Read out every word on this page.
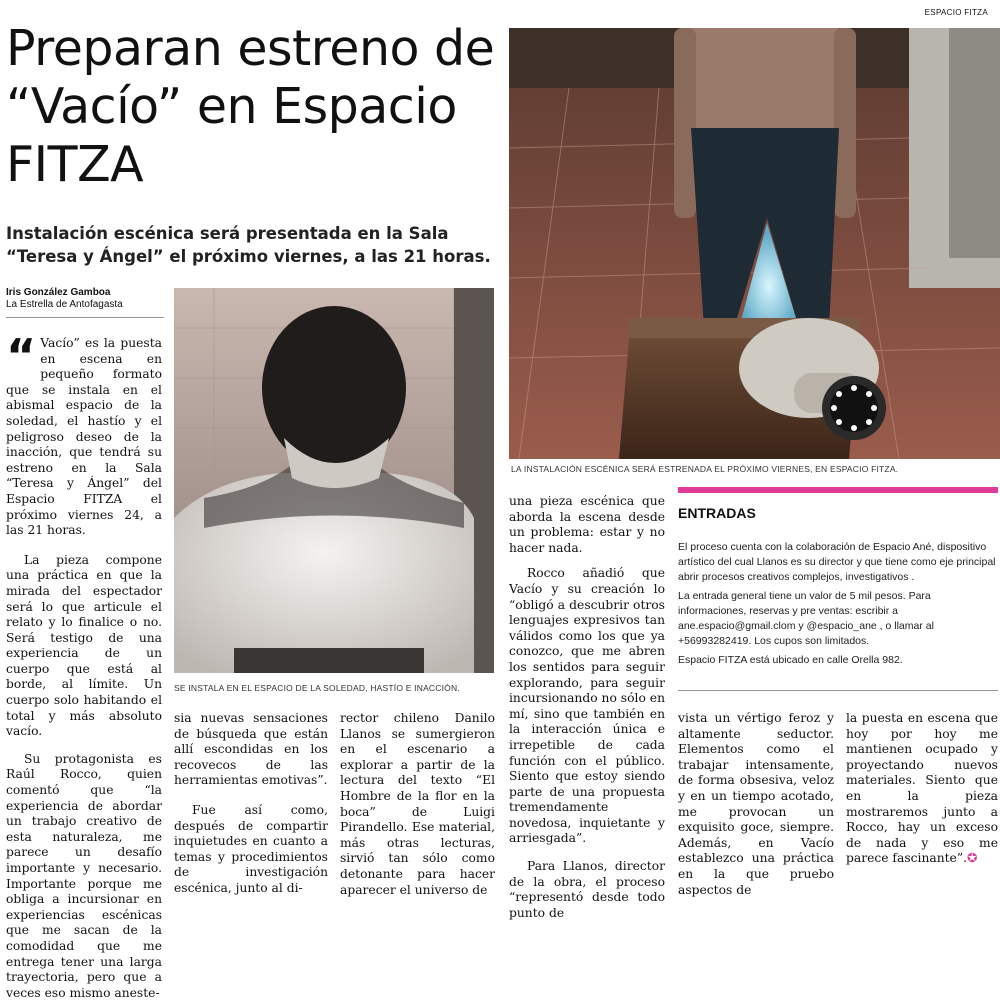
ESPACIO FITZA
Preparan estreno de “Vacío” en Espacio FITZA
Instalación escénica será presentada en la Sala “Teresa y Ángel” el próximo viernes, a las 21 horas.
Iris González Gamboa
La Estrella de Antofagasta
LA INSTALACIÓN ESCÉNICA SERÁ ESTRENADA EL PRÓXIMO VIERNES, EN ESPACIO FITZA.
SE INSTALA EN EL ESPACIO DE LA SOLEDAD, HASTÍO E INACCIÓN.

“ Vacío” es la puesta en escena en pequeño formato que se instala en el abismal espacio de la soledad, el hastío y el peligroso deseo de la inacción, que tendrá su estreno en la Sala “Teresa y Ángel” del Espacio FITZA el próximo viernes 24, a las 21 horas.

La pieza compone una práctica en que la mirada del espectador será lo que articule el relato y lo finalice o no. Será testigo de una experiencia de un cuerpo que está al borde, al límite. Un cuerpo solo habitando el total y más absoluto vacío.

Su protagonista es Raúl Rocco, quien comentó que “la experiencia de abordar un trabajo creativo de esta naturaleza, me parece un desafío importante y necesario. Importante porque me obliga a incursionar en experiencias escénicas que me sacan de la comodidad que me entrega tener una larga trayectoria, pero que a veces eso mismo aneste-

sia nuevas sensaciones de búsqueda que están allí escondidas en los recovecos de las herramientas emotivas”.

Fue así como, después de compartir inquietudes en cuanto a temas y procedimientos de investigación escénica, junto al di-

rector chileno Danilo Llanos se sumergieron en el escenario a explorar a partir de la lectura del texto “El Hombre de la flor en la boca” de Luigi Pirandello. Ese material, más otras lecturas, sirvió tan sólo como detonante para hacer aparecer el universo de

una pieza escénica que aborda la escena desde un problema: estar y no hacer nada.

Rocco añadió que Vacío y su creación lo “obligó a descubrir otros lenguajes expresivos tan válidos como los que ya conozco, que me abren los sentidos para seguir explorando, para seguir incursionando no sólo en mí, sino que también en la interacción única e irrepetible de cada función con el público. Siento que estoy siendo parte de una propuesta tremendamente novedosa, inquietante y arriesgada”.

Para Llanos, director de la obra, el proceso “representó desde todo punto de

ENTRADAS

El proceso cuenta con la colaboración de Espacio Ané, dispositivo artístico del cual Llanos es su director y que tiene como eje principal abrir procesos creativos complejos, investigativos .

La entrada general tiene un valor de 5 mil pesos. Para informaciones, reservas y pre ventas: escribir a ane.espacio@gmail.clom y @espacio_ane , o llamar al +56993282419. Los cupos son limitados.

Espacio FITZA está ubicado en calle Orella 982.

vista un vértigo feroz y altamente seductor. Elementos como el trabajar intensamente, de forma obsesiva, veloz y en un tiempo acotado, me provocan un exquisito goce, siempre. Además, en Vacío establezco una práctica en la que pruebo aspectos de

la puesta en escena que hoy por hoy me mantienen ocupado y proyectando nuevos materiales. Siento que en la pieza mostraremos junto a Rocco, hay un exceso de nada y eso me parece fascinante”.✪
